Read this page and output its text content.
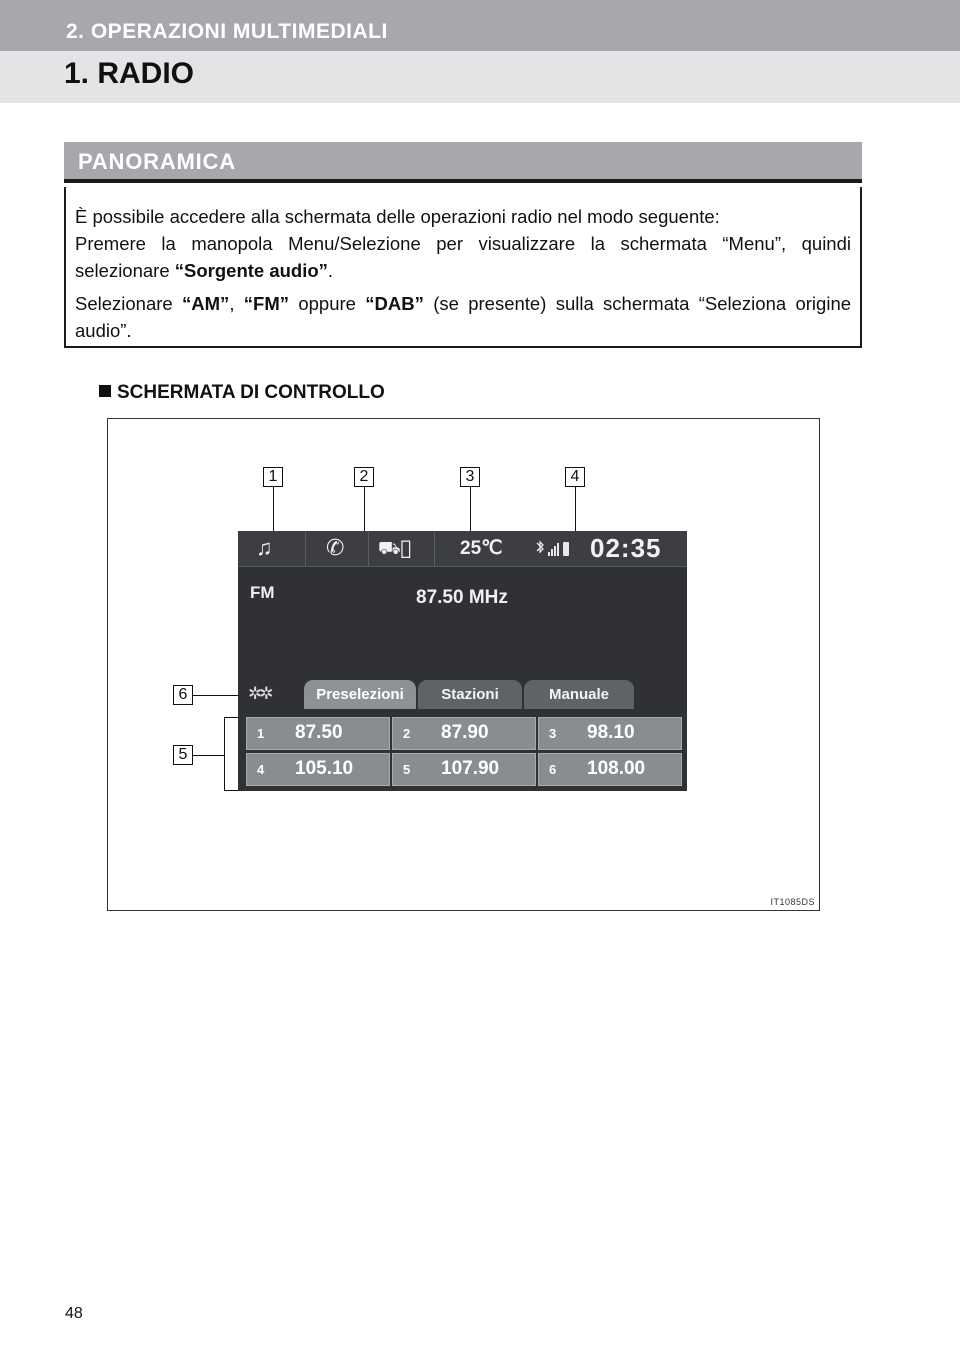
2. OPERAZIONI MULTIMEDIALI
1. RADIO
PANORAMICA

È possibile accedere alla schermata delle operazioni radio nel modo seguente:
Premere la manopola Menu/Selezione per visualizzare la schermata “Menu”, quindi selezionare “Sorgente audio”.

Selezionare “AM”, “FM” oppure “DAB” (se presente) sulla schermata “Seleziona origine audio”.

SCHERMATA DI CONTROLLO
1	2	3	4
5
6
♫ ✆ ⛟▯	25℃	02:35
FM	87.50 MHz
✲✲	Preselezioni	Stazioni	Manuale
1 87.50	2 87.90	3 98.10
4 105.10	5 107.90	6 108.00
IT1085DS
48
